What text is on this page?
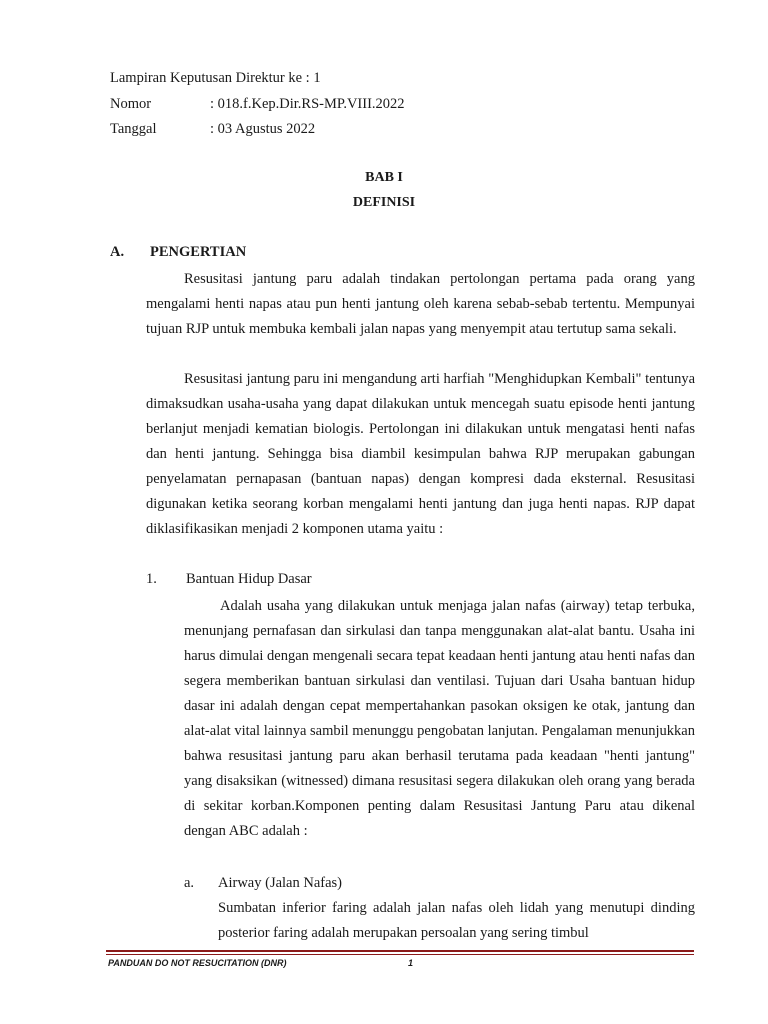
Lampiran Keputusan Direktur ke : 1
Nomor	: 018.f.Kep.Dir.RS-MP.VIII.2022
Tanggal	: 03 Agustus 2022
BAB I
DEFINISI
A. PENGERTIAN

Resusitasi jantung paru adalah tindakan pertolongan pertama pada orang yang mengalami henti napas atau pun henti jantung oleh karena sebab-sebab tertentu. Mempunyai tujuan RJP untuk membuka kembali jalan napas yang menyempit atau tertutup sama sekali.

Resusitasi jantung paru ini mengandung arti harfiah "Menghidupkan Kembali" tentunya dimaksudkan usaha-usaha yang dapat dilakukan untuk mencegah suatu episode henti jantung berlanjut menjadi kematian biologis. Pertolongan ini dilakukan untuk mengatasi henti nafas dan henti jantung. Sehingga bisa diambil kesimpulan bahwa RJP merupakan gabungan penyelamatan pernapasan (bantuan napas) dengan kompresi dada eksternal. Resusitasi digunakan ketika seorang korban mengalami henti jantung dan juga henti napas. RJP dapat diklasifikasikan menjadi 2 komponen utama yaitu :

1. Bantuan Hidup Dasar

Adalah usaha yang dilakukan untuk menjaga jalan nafas (airway) tetap terbuka, menunjang pernafasan dan sirkulasi dan tanpa menggunakan alat-alat bantu. Usaha ini harus dimulai dengan mengenali secara tepat keadaan henti jantung atau henti nafas dan segera memberikan bantuan sirkulasi dan ventilasi. Tujuan dari Usaha bantuan hidup dasar ini adalah dengan cepat mempertahankan pasokan oksigen ke otak, jantung dan alat-alat vital lainnya sambil menunggu pengobatan lanjutan. Pengalaman menunjukkan bahwa resusitasi jantung paru akan berhasil terutama pada keadaan "henti jantung" yang disaksikan (witnessed) dimana resusitasi segera dilakukan oleh orang yang berada di sekitar korban.Komponen penting dalam Resusitasi Jantung Paru atau dikenal dengan ABC adalah :

a. Airway (Jalan Nafas)

Sumbatan inferior faring adalah jalan nafas oleh lidah yang menutupi dinding posterior faring adalah merupakan persoalan yang sering timbul

PANDUAN DO NOT RESUCITATION (DNR)	1
